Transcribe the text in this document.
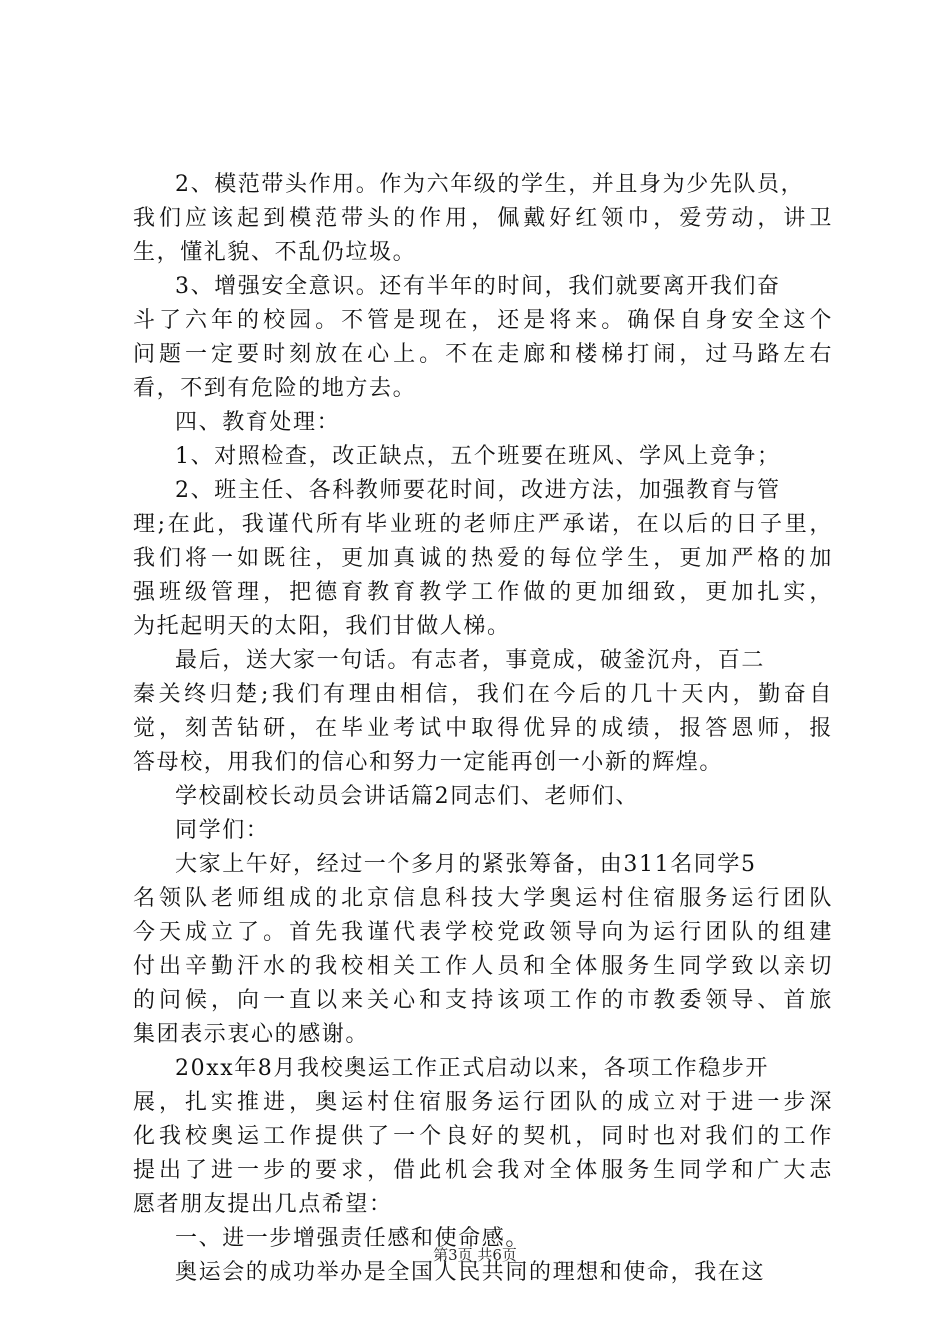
2、模范带头作用。作为六年级的学生，并且身为少先队员，
我们应该起到模范带头的作用，佩戴好红领巾，爱劳动，讲卫
生，懂礼貌、不乱仍垃圾。
3、增强安全意识。还有半年的时间，我们就要离开我们奋
斗了六年的校园。不管是现在，还是将来。确保自身安全这个
问题一定要时刻放在心上。不在走廊和楼梯打闹，过马路左右
看，不到有危险的地方去。
四、教育处理：
1、对照检查，改正缺点，五个班要在班风、学风上竞争；
2、班主任、各科教师要花时间，改进方法，加强教育与管
理;在此，我谨代所有毕业班的老师庄严承诺，在以后的日子里，
我们将一如既往，更加真诚的热爱的每位学生，更加严格的加
强班级管理，把德育教育教学工作做的更加细致，更加扎实，
为托起明天的太阳，我们甘做人梯。
最后，送大家一句话。有志者，事竟成，破釜沉舟，百二
秦关终归楚;我们有理由相信，我们在今后的几十天内，勤奋自
觉，刻苦钻研，在毕业考试中取得优异的成绩，报答恩师，报
答母校，用我们的信心和努力一定能再创一小新的辉煌。
学校副校长动员会讲话篇2同志们、老师们、
同学们：
大家上午好，经过一个多月的紧张筹备，由311名同学5
名领队老师组成的北京信息科技大学奥运村住宿服务运行团队
今天成立了。首先我谨代表学校党政领导向为运行团队的组建
付出辛勤汗水的我校相关工作人员和全体服务生同学致以亲切
的问候，向一直以来关心和支持该项工作的市教委领导、首旅
集团表示衷心的感谢。
20xx年8月我校奥运工作正式启动以来，各项工作稳步开
展，扎实推进，奥运村住宿服务运行团队的成立对于进一步深
化我校奥运工作提供了一个良好的契机，同时也对我们的工作
提出了进一步的要求，借此机会我对全体服务生同学和广大志
愿者朋友提出几点希望：
一、进一步增强责任感和使命感。
奥运会的成功举办是全国人民共同的理想和使命，我在这
第3页 共6页
